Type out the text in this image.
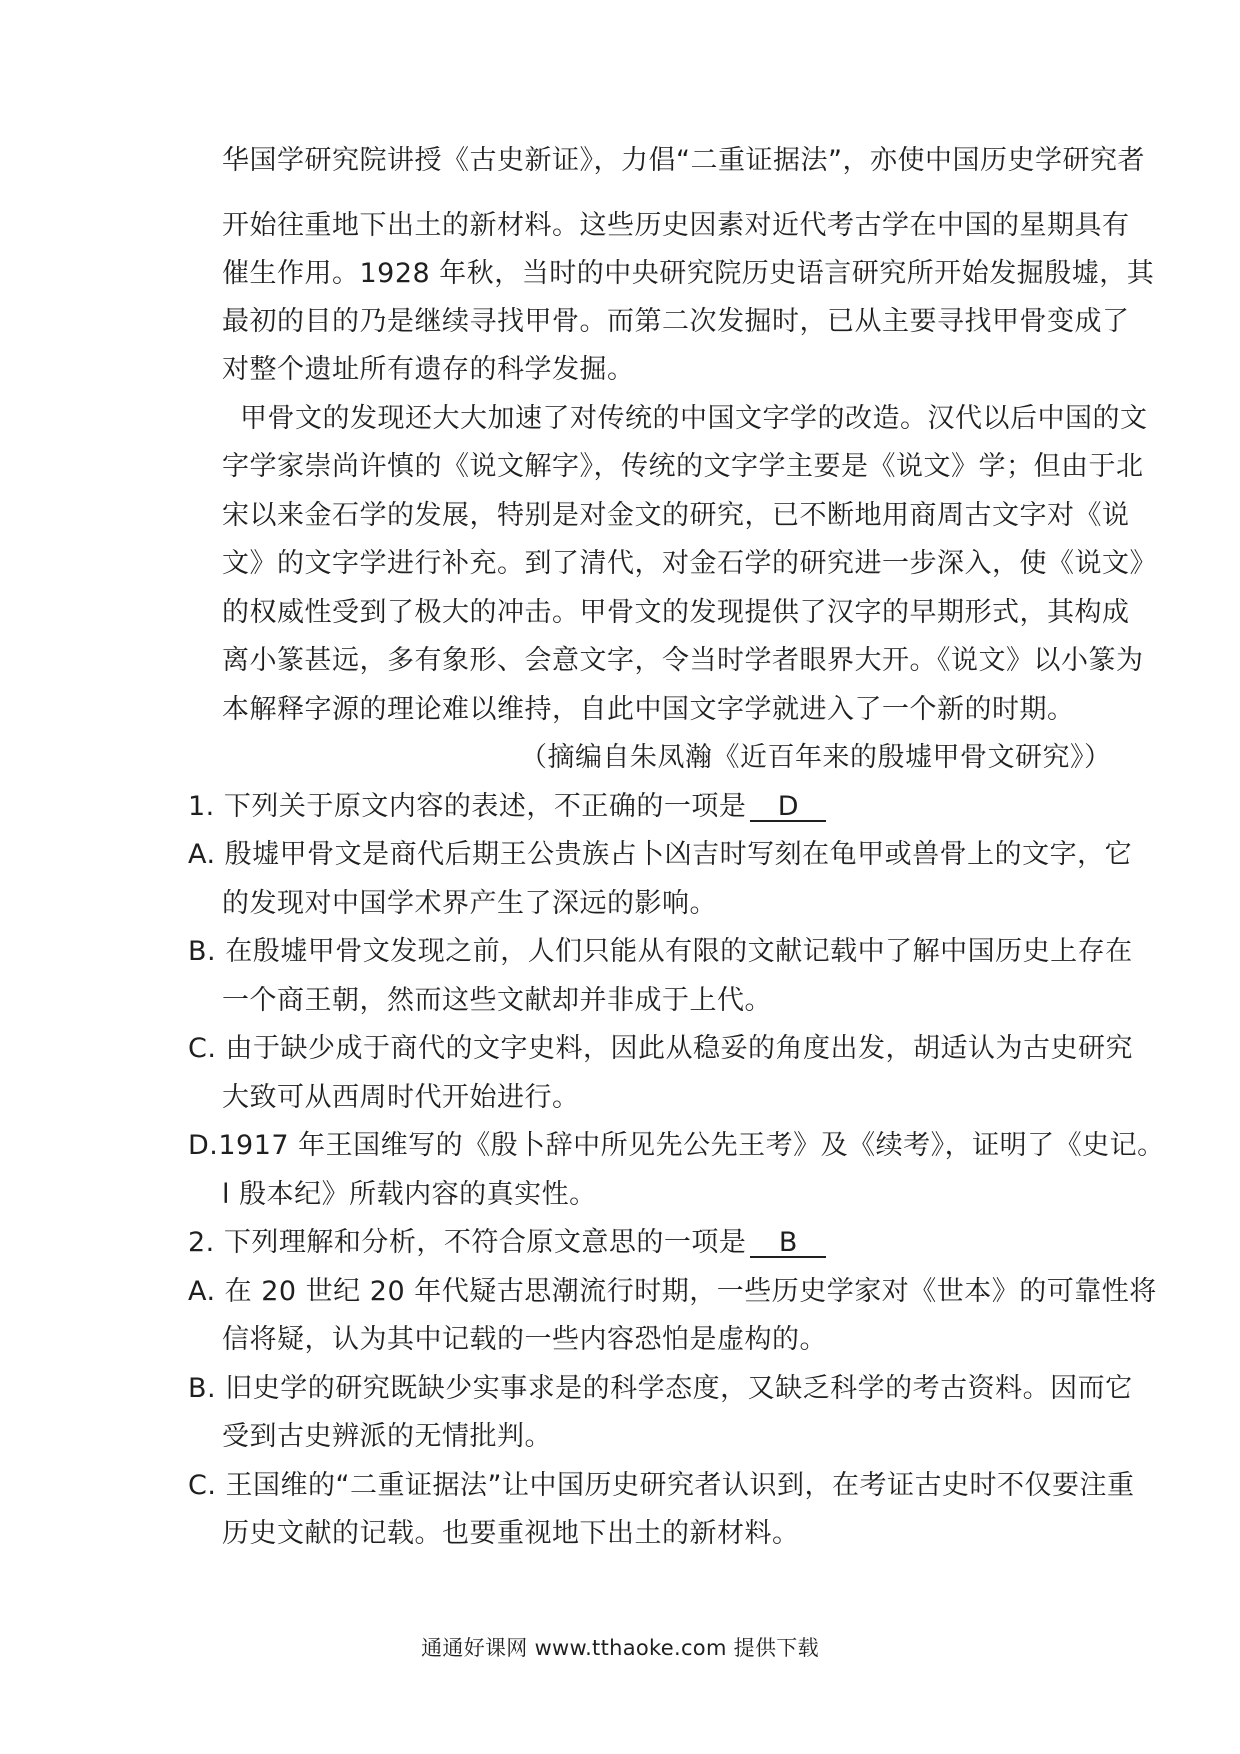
华国学研究院讲授《古史新证》，力倡“二重证据法”，亦使中国历史学研究者
开始往重地下出土的新材料。这些历史因素对近代考古学在中国的星期具有
催生作用。1928 年秋，当时的中央研究院历史语言研究所开始发掘殷墟，其
最初的目的乃是继续寻找甲骨。而第二次发掘时，已从主要寻找甲骨变成了
对整个遗址所有遗存的科学发掘。
甲骨文的发现还大大加速了对传统的中国文字学的改造。汉代以后中国的文
字学家崇尚许慎的《说文解字》，传统的文字学主要是《说文》学；但由于北
宋以来金石学的发展，特别是对金文的研究，已不断地用商周古文字对《说
文》的文字学进行补充。到了清代，对金石学的研究进一步深入，使《说文》
的权威性受到了极大的冲击。甲骨文的发现提供了汉字的早期形式，其构成
离小篆甚远，多有象形、会意文字，令当时学者眼界大开。《说文》以小篆为
本解释字源的理论难以维持，自此中国文字学就进入了一个新的时期。
（摘编自朱凤瀚《近百年来的殷墟甲骨文研究》）
1. 下列关于原文内容的表述，不正确的一项是 D
A. 殷墟甲骨文是商代后期王公贵族占卜凶吉时写刻在龟甲或兽骨上的文字，它
的发现对中国学术界产生了深远的影响。
B. 在殷墟甲骨文发现之前，人们只能从有限的文献记载中了解中国历史上存在
一个商王朝，然而这些文献却并非成于上代。
C. 由于缺少成于商代的文字史料，因此从稳妥的角度出发，胡适认为古史研究
大致可从西周时代开始进行。
D.1917 年王国维写的《殷卜辞中所见先公先王考》及《续考》，证明了《史记。
l 殷本纪》所载内容的真实性。
2. 下列理解和分析，不符合原文意思的一项是 B
A. 在 20 世纪 20 年代疑古思潮流行时期，一些历史学家对《世本》的可靠性将
信将疑，认为其中记载的一些内容恐怕是虚构的。
B. 旧史学的研究既缺少实事求是的科学态度，又缺乏科学的考古资料。因而它
受到古史辨派的无情批判。
C. 王国维的“二重证据法”让中国历史研究者认识到，在考证古史时不仅要注重
历史文献的记载。也要重视地下出土的新材料。
通通好课网 www.tthaoke.com 提供下载
